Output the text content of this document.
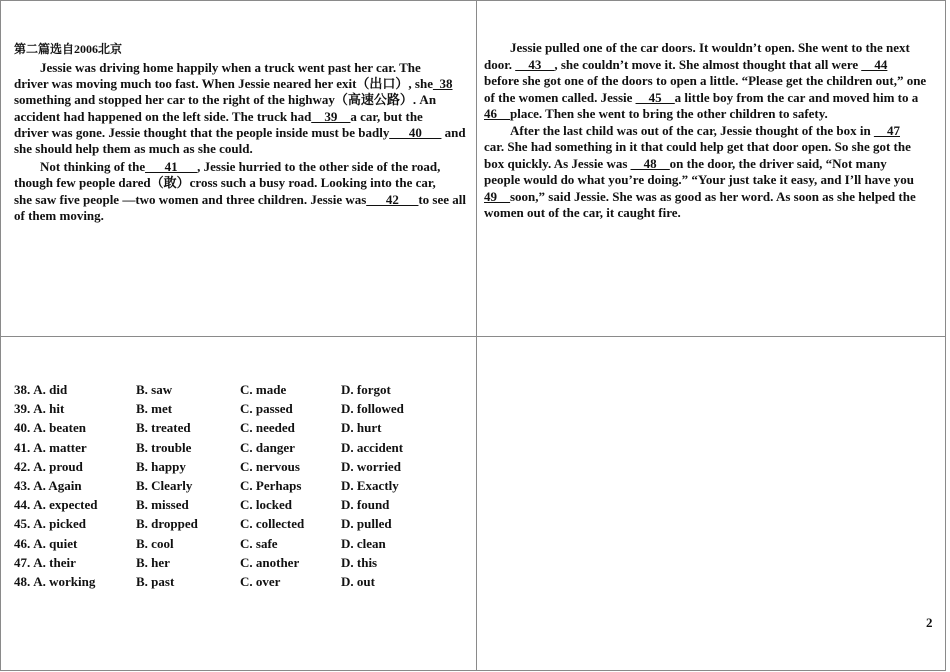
第二篇选自2006北京
Jessie was driving home happily when a truck went past her car. The
driver was moving much too fast. When Jessie neared her exit（出口）, she_38
something and stopped her car to the right of the highway（高速公路）. An
accident had happened on the left side. The truck had__39__a car, but the
driver was gone. Jessie thought that the people inside must be badly___40___ and
she should help them as much as she could.
Not thinking of the___41___, Jessie hurried to the other side of the road,
though few people dared（敢）cross such a busy road. Looking into the car,
she saw five people —two women and three children. Jessie was___42___to see all
of them moving.
Jessie pulled one of the car doors. It wouldn’t open. She went to the next
door. __43__, she couldn’t move it. She almost thought that all were __44
before she got one of the doors to open a little. “Please get the children out,” one
of the women called. Jessie __45__a little boy from the car and moved him to a
46__place. Then she went to bring the other children to safety.
After the last child was out of the car, Jessie thought of the box in __47
car. She had something in it that could help get that door open. So she got the
box quickly. As Jessie was __48__on the door, the driver said, “Not many
people would do what you’re doing.” “Your just take it easy, and I’ll have you
49__soon,” said Jessie. She was as good as her word. As soon as she helped the
women out of the car, it caught fire.
38. A. did	B. saw	C. made	D. forgot
39. A. hit	B. met	C. passed	D. followed
40. A. beaten	B. treated	C. needed	D. hurt
41. A. matter	B. trouble	C. danger	D. accident
42. A. proud	B. happy	C. nervous	D. worried
43. A. Again	B. Clearly	C. Perhaps	D. Exactly
44. A. expected	B. missed	C. locked	D. found
45. A. picked	B. dropped	C. collected	D. pulled
46. A. quiet	B. cool	C. safe	D. clean
47. A. their	B. her	C. another	D. this
48. A. working	B. past	C. over	D. out
2
